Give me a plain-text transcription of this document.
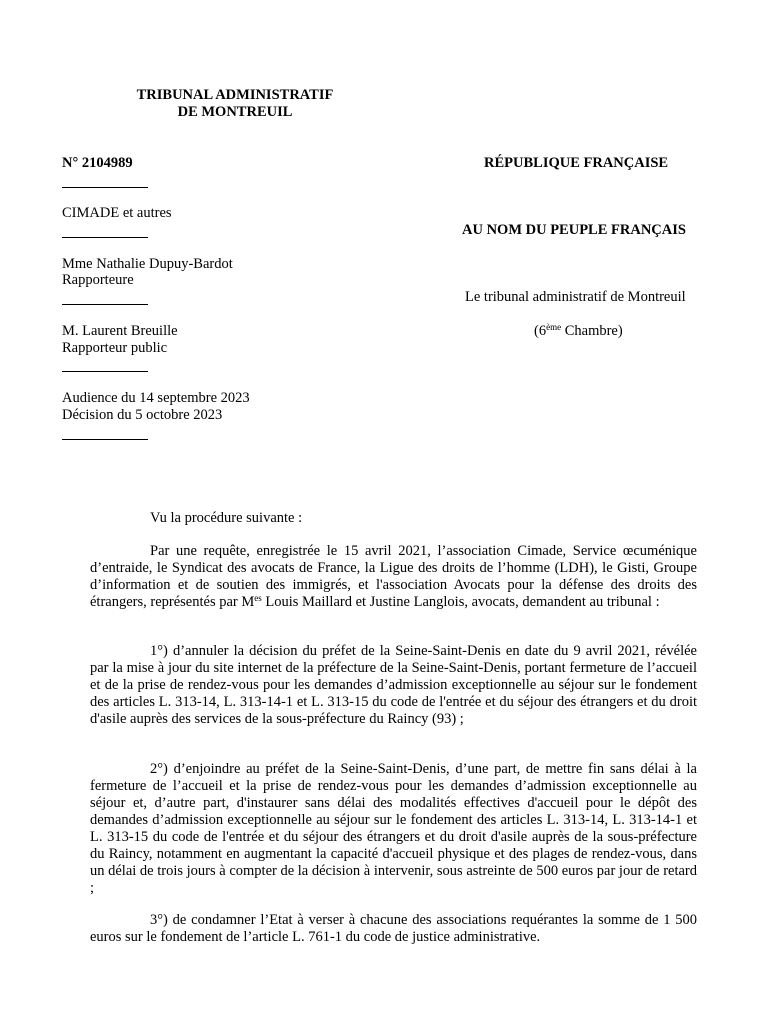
TRIBUNAL ADMINISTRATIF
DE MONTREUIL
N° 2104989	RÉPUBLIQUE FRANÇAISE
CIMADE et autres
AU NOM DU PEUPLE FRANÇAIS
Mme Nathalie Dupuy-Bardot
Rapporteure
Le tribunal administratif de Montreuil
M. Laurent Breuille
Rapporteur public
(6ème Chambre)
Audience du 14 septembre 2023
Décision du 5 octobre 2023
Vu la procédure suivante :
Par une requête, enregistrée le 15 avril 2021, l’association Cimade, Service œcuménique d’entraide, le Syndicat des avocats de France, la Ligue des droits de l’homme (LDH), le Gisti, Groupe d’information et de soutien des immigrés, et l'association Avocats pour la défense des droits des étrangers, représentés par $M^{es}$ Louis Maillard et Justine Langlois, avocats, demandent au tribunal :
1°) d’annuler la décision du préfet de la Seine-Saint-Denis en date du 9 avril 2021, révélée par la mise à jour du site internet de la préfecture de la Seine-Saint-Denis, portant fermeture de l’accueil et de la prise de rendez-vous pour les demandes d’admission exceptionnelle au séjour sur le fondement des articles L. 313-14, L. 313-14-1 et L. 313-15 du code de l'entrée et du séjour des étrangers et du droit d'asile auprès des services de la sous-préfecture du Raincy (93) ;
2°) d’enjoindre au préfet de la Seine-Saint-Denis, d’une part, de mettre fin sans délai à la fermeture de l’accueil et la prise de rendez-vous pour les demandes d’admission exceptionnelle au séjour et, d’autre part, d'instaurer sans délai des modalités effectives d'accueil pour le dépôt des demandes d’admission exceptionnelle au séjour sur le fondement des articles L. 313-14, L. 313-14-1 et L. 313-15 du code de l'entrée et du séjour des étrangers et du droit d'asile auprès de la sous-préfecture du Raincy, notamment en augmentant la capacité d'accueil physique et des plages de rendez-vous, dans un délai de trois jours à compter de la décision à intervenir, sous astreinte de 500 euros par jour de retard ;
3°) de condamner l’Etat à verser à chacune des associations requérantes la somme de 1 500 euros sur le fondement de l’article L. 761-1 du code de justice administrative.
